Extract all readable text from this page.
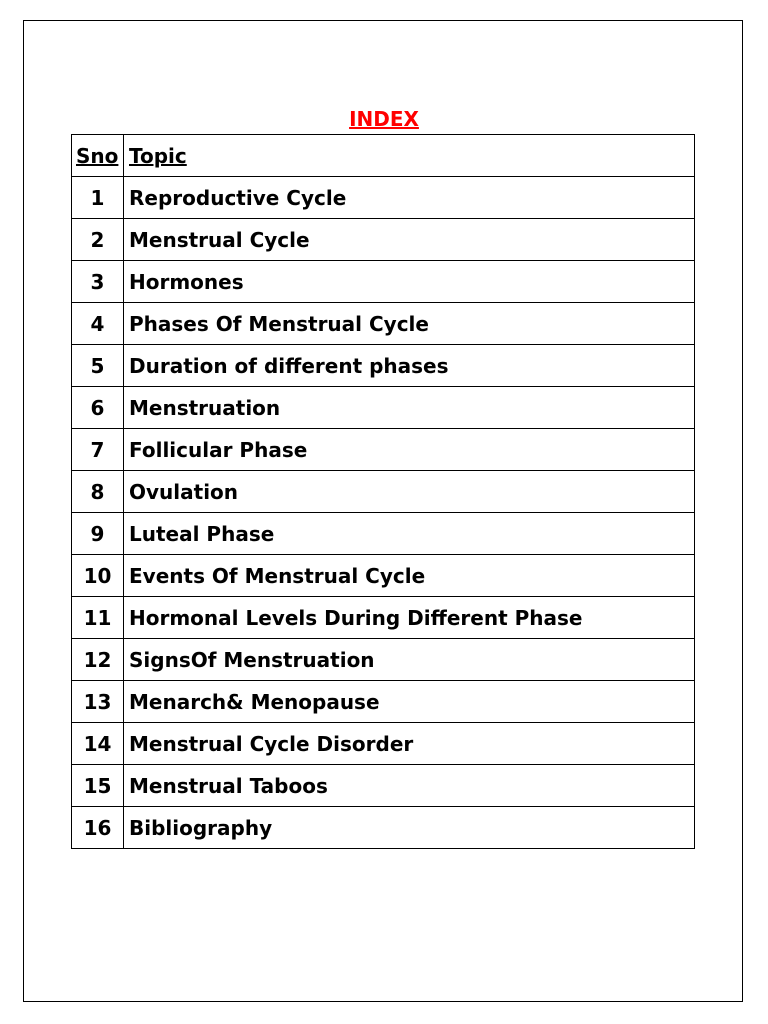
INDEX
Sno	Topic
1	Reproductive Cycle
2	Menstrual Cycle
3	Hormones
4	Phases Of Menstrual Cycle
5	Duration of different phases
6	Menstruation
7	Follicular Phase
8	Ovulation
9	Luteal Phase
10	Events Of Menstrual Cycle
11	Hormonal Levels During Different Phase
12	SignsOf Menstruation
13	Menarch& Menopause
14	Menstrual Cycle Disorder
15	Menstrual Taboos
16	Bibliography
